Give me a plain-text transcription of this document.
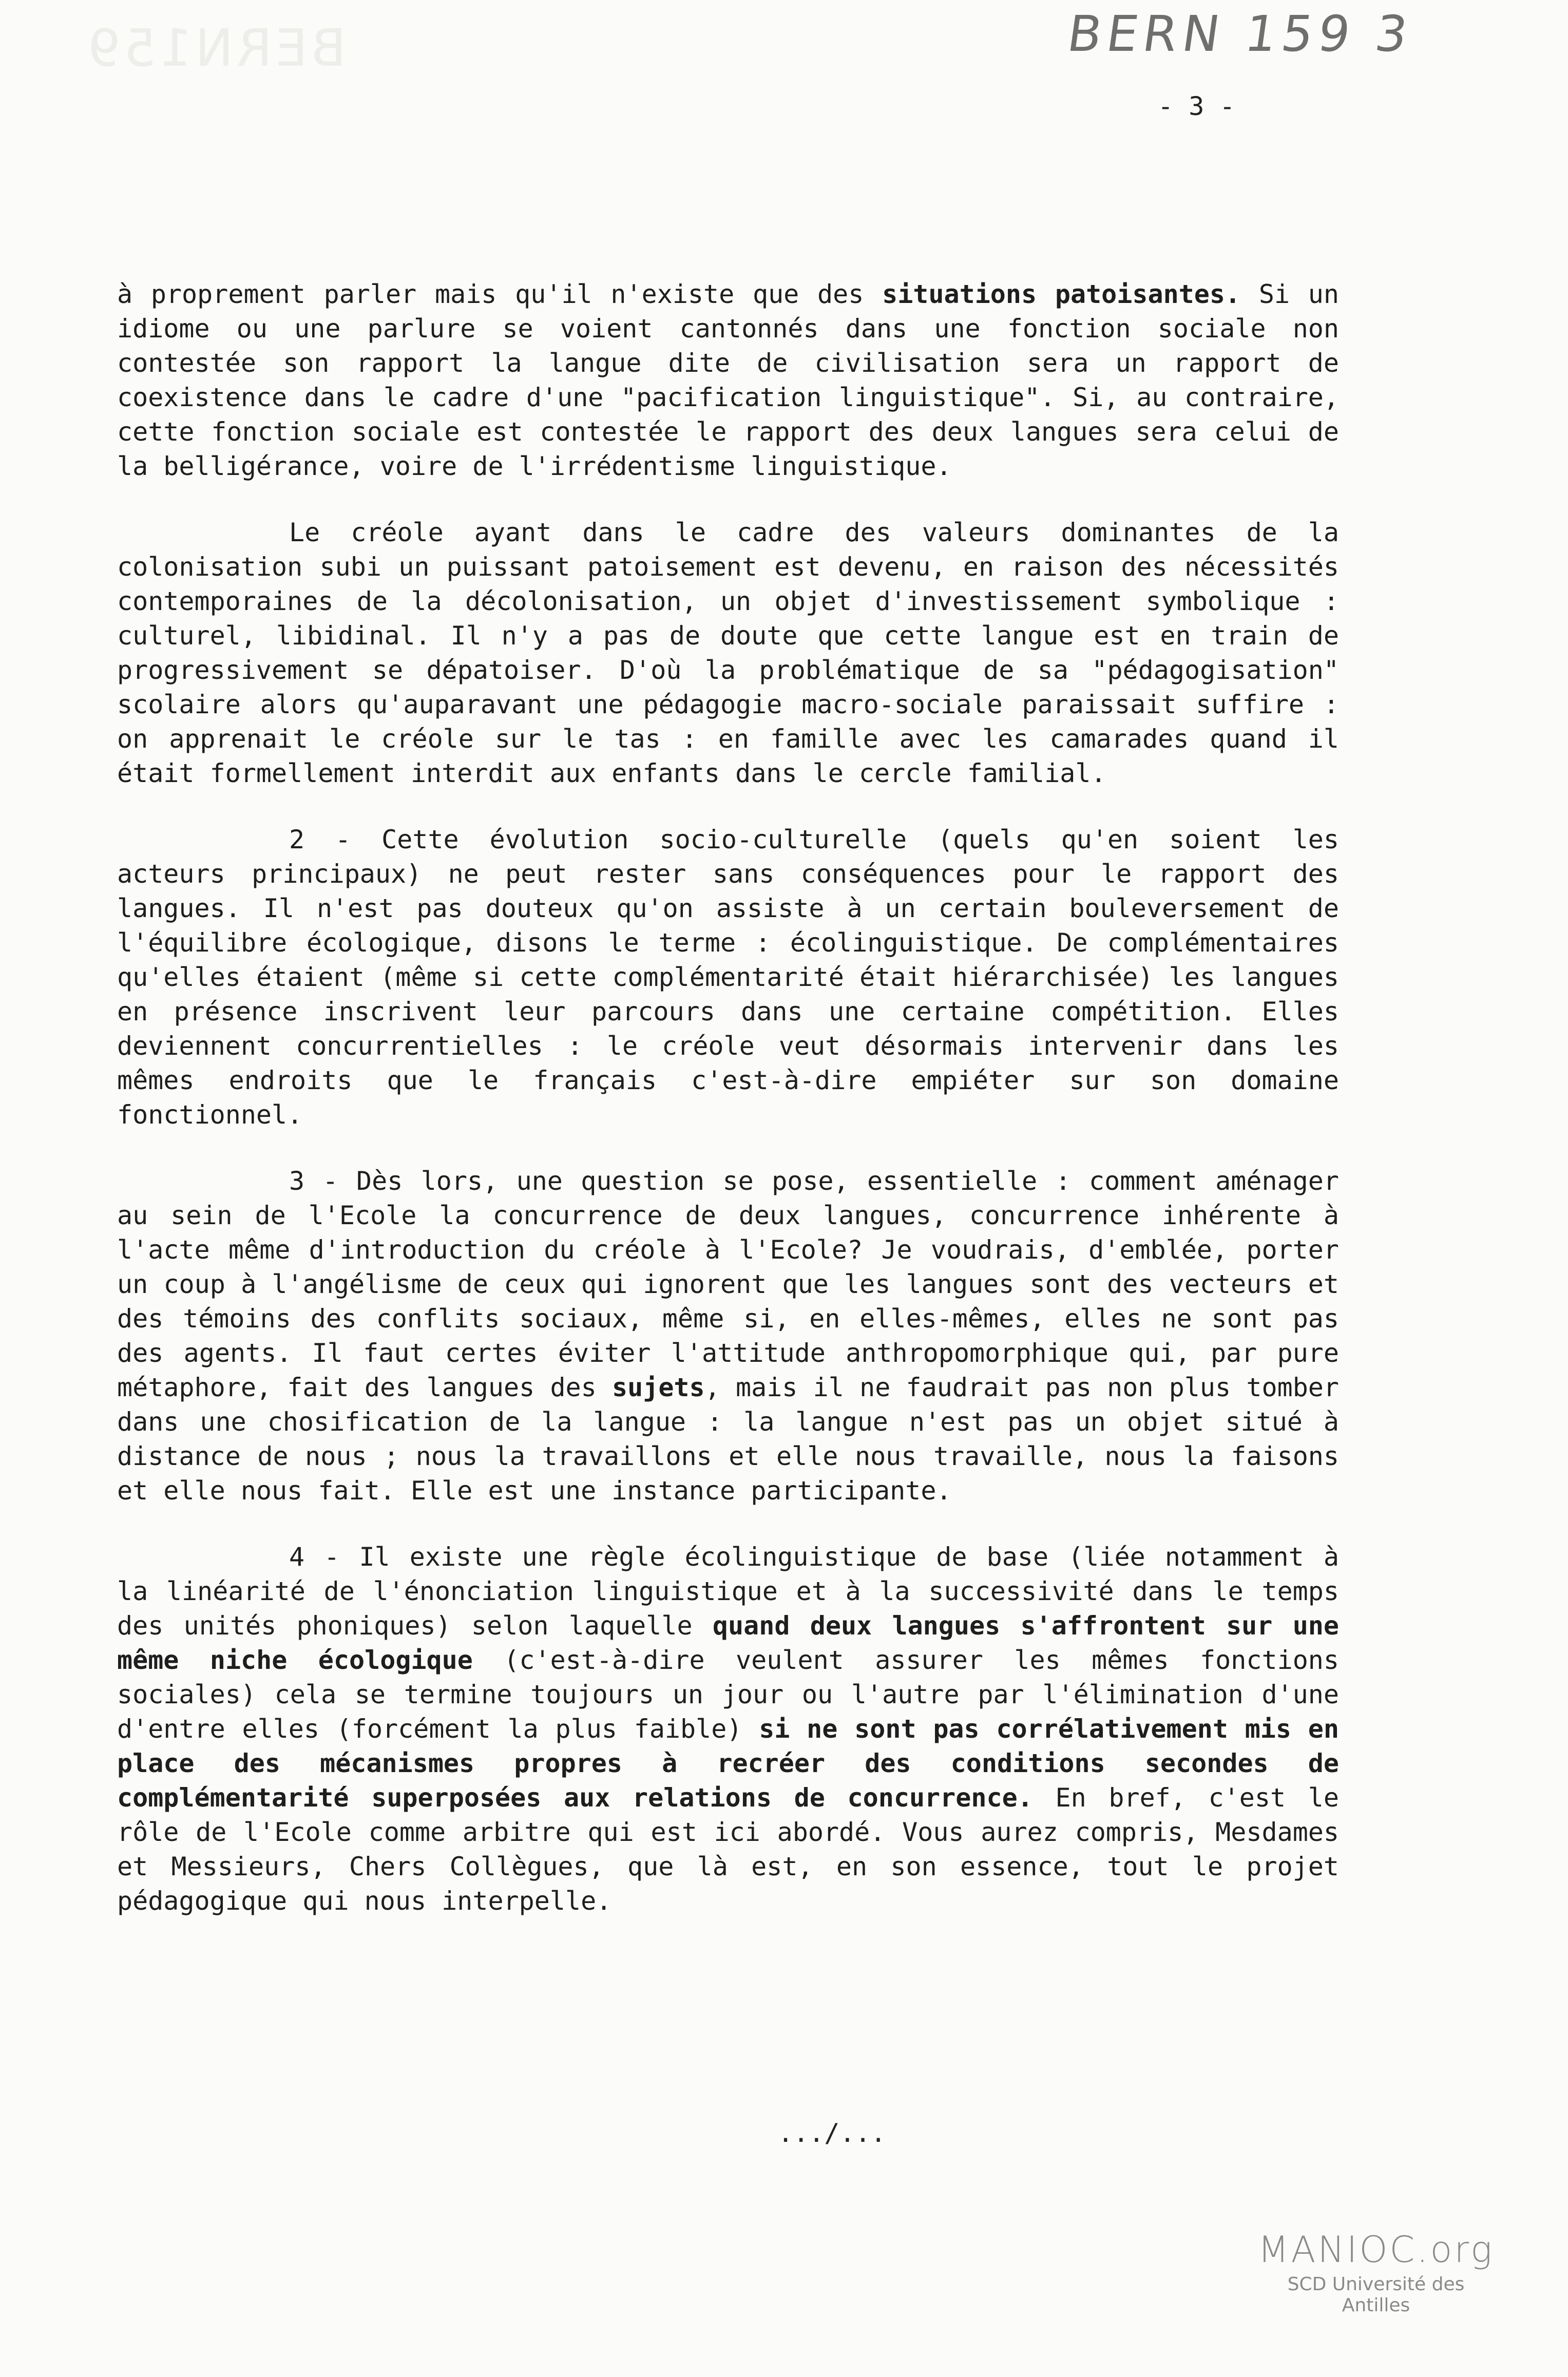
BERN159	BERN 159 3
- 3 -

à proprement parler mais qu'il n'existe que des situations patoisantes. Si un idiome ou une parlure se voient cantonnés dans une fonction sociale non contestée son rapport la langue dite de civilisation sera un rapport de coexistence dans le cadre d'une "pacification linguistique". Si, au contraire, cette fonction sociale est contestée le rapport des deux langues sera celui de la belligérance, voire de l'irrédentisme linguistique.

Le créole ayant dans le cadre des valeurs dominantes de la colonisation subi un puissant patoisement est devenu, en raison des nécessités contemporaines de la décolonisation, un objet d'investissement symbolique : culturel, libidinal. Il n'y a pas de doute que cette langue est en train de progressivement se dépatoiser. D'où la problématique de sa "pédagogisation" scolaire alors qu'auparavant une pédagogie macro-sociale paraissait suffire : on apprenait le créole sur le tas : en famille avec les camarades quand il était formellement interdit aux enfants dans le cercle familial.

2 - Cette évolution socio-culturelle (quels qu'en soient les acteurs principaux) ne peut rester sans conséquences pour le rapport des langues. Il n'est pas douteux qu'on assiste à un certain bouleversement de l'équilibre écologique, disons le terme : écolinguistique. De complémentaires qu'elles étaient (même si cette complémentarité était hiérarchisée) les langues en présence inscrivent leur parcours dans une certaine compétition. Elles deviennent concurrentielles : le créole veut désormais intervenir dans les mêmes endroits que le français c'est-à-dire empiéter sur son domaine fonctionnel.

3 - Dès lors, une question se pose, essentielle : comment aménager au sein de l'Ecole la concurrence de deux langues, concurrence inhérente à l'acte même d'introduction du créole à l'Ecole? Je voudrais, d'emblée, porter un coup à l'angélisme de ceux qui ignorent que les langues sont des vecteurs et des témoins des conflits sociaux, même si, en elles-mêmes, elles ne sont pas des agents. Il faut certes éviter l'attitude anthropomorphique qui, par pure métaphore, fait des langues des sujets, mais il ne faudrait pas non plus tomber dans une chosification de la langue : la langue n'est pas un objet situé à distance de nous ; nous la travaillons et elle nous travaille, nous la faisons et elle nous fait. Elle est une instance participante.

4 - Il existe une règle écolinguistique de base (liée notamment à la linéarité de l'énonciation linguistique et à la successivité dans le temps des unités phoniques) selon laquelle quand deux langues s'affrontent sur une même niche écologique (c'est-à-dire veulent assurer les mêmes fonctions sociales) cela se termine toujours un jour ou l'autre par l'élimination d'une d'entre elles (forcément la plus faible) si ne sont pas corrélativement mis en place des mécanismes propres à recréer des conditions secondes de complémentarité superposées aux relations de concurrence. En bref, c'est le rôle de l'Ecole comme arbitre qui est ici abordé. Vous aurez compris, Mesdames et Messieurs, Chers Collègues, que là est, en son essence, tout le projet pédagogique qui nous interpelle.

.../...
MANIOC.org
SCD Université des Antilles
